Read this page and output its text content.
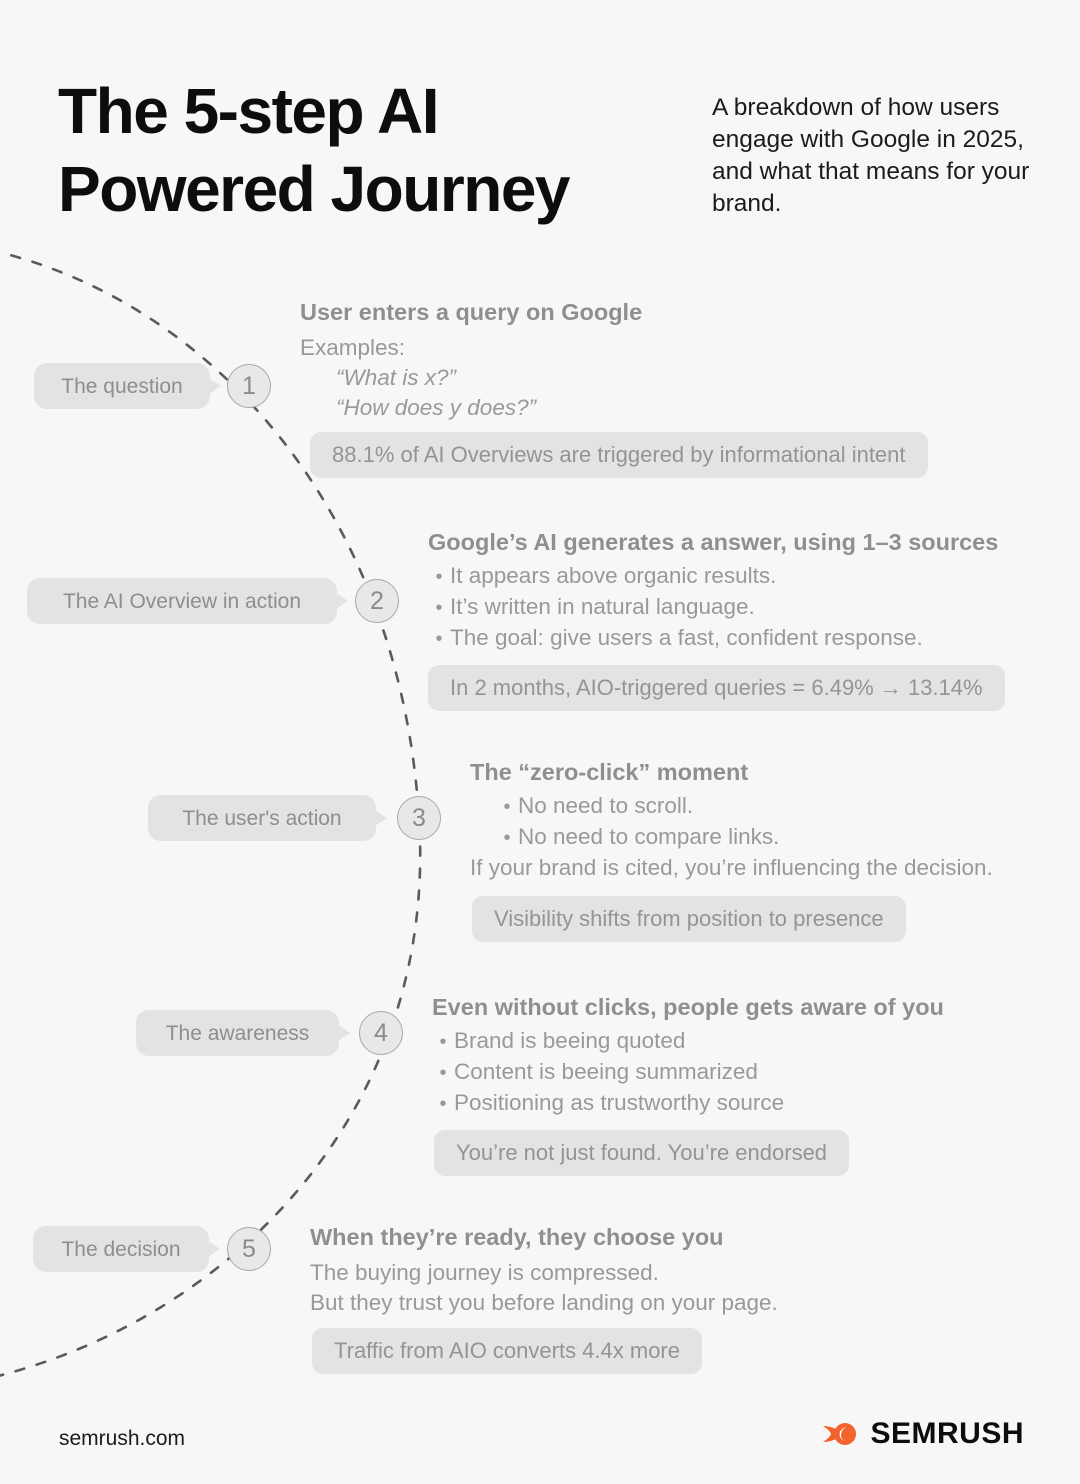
The 5-step AI
Powered Journey
A breakdown of how users engage with Google in 2025, and what that means for your brand.
The question	1
User enters a query on Google
Examples:
“What is x?”
“How does y does?”
88.1% of AI Overviews are triggered by informational intent
The AI Overview in action	2
Google’s AI generates a answer, using 1–3 sources
• It appears above organic results.
• It’s written in natural language.
• The goal: give users a fast, confident response.
In 2 months, AIO-triggered queries = 6.49% → 13.14%
The user's action	3
The “zero-click” moment
• No need to scroll.
• No need to compare links.
If your brand is cited, you’re influencing the decision.
Visibility shifts from position to presence
The awareness	4
Even without clicks, people gets aware of you
• Brand is beeing quoted
• Content is beeing summarized
• Positioning as trustworthy source
You’re not just found. You’re endorsed
The decision	5	When they’re ready, they choose you
The buying journey is compressed.
But they trust you before landing on your page.
Traffic from AIO converts 4.4x more
semrush.com	SEMRUSH
